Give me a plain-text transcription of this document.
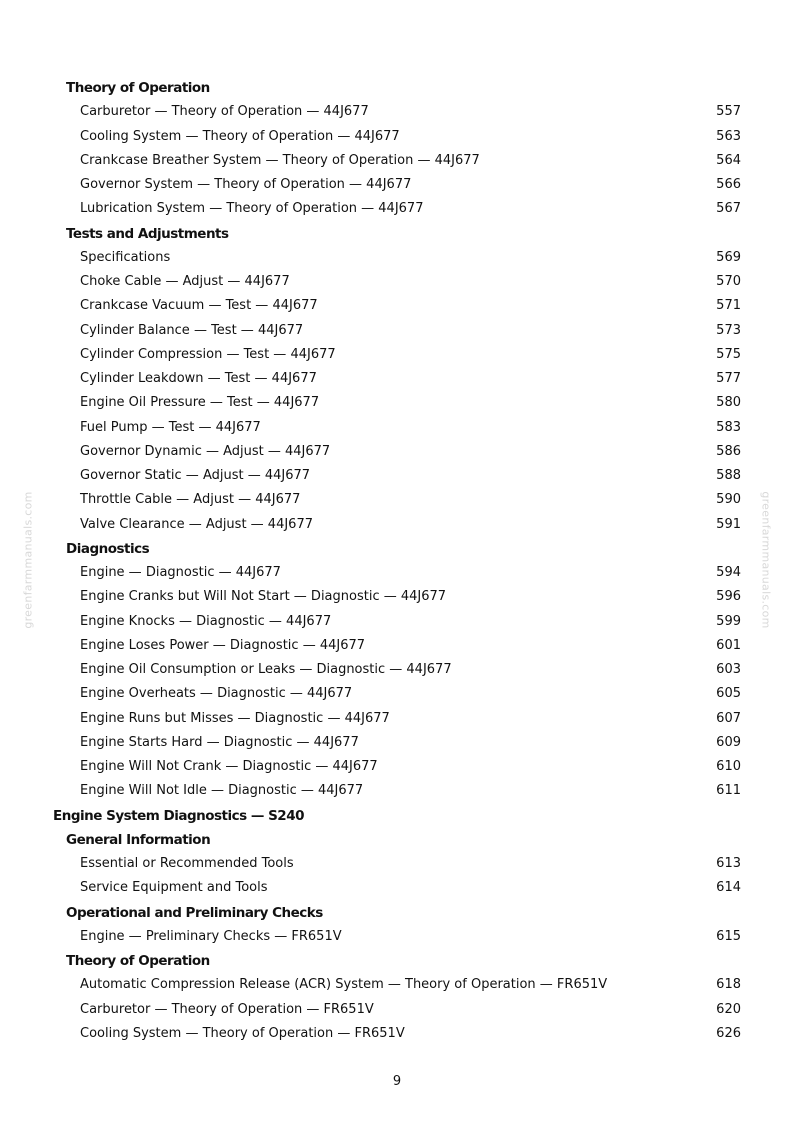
greenfarmmanuals.com	greenfarmmanuals.com
Theory of Operation
Carburetor — Theory of Operation — 44J677	557
Cooling System — Theory of Operation — 44J677	563
Crankcase Breather System — Theory of Operation — 44J677	564
Governor System — Theory of Operation — 44J677	566
Lubrication System — Theory of Operation — 44J677	567
Tests and Adjustments
Specifications	569
Choke Cable — Adjust — 44J677	570
Crankcase Vacuum — Test — 44J677	571
Cylinder Balance — Test — 44J677	573
Cylinder Compression — Test — 44J677	575
Cylinder Leakdown — Test — 44J677	577
Engine Oil Pressure — Test — 44J677	580
Fuel Pump — Test — 44J677	583
Governor Dynamic — Adjust — 44J677	586
Governor Static — Adjust — 44J677	588
Throttle Cable — Adjust — 44J677	590
Valve Clearance — Adjust — 44J677	591
Diagnostics
Engine — Diagnostic — 44J677	594
Engine Cranks but Will Not Start — Diagnostic — 44J677	596
Engine Knocks — Diagnostic — 44J677	599
Engine Loses Power — Diagnostic — 44J677	601
Engine Oil Consumption or Leaks — Diagnostic — 44J677	603
Engine Overheats — Diagnostic — 44J677	605
Engine Runs but Misses — Diagnostic — 44J677	607
Engine Starts Hard — Diagnostic — 44J677	609
Engine Will Not Crank — Diagnostic — 44J677	610
Engine Will Not Idle — Diagnostic — 44J677	611
Engine System Diagnostics — S240
General Information
Essential or Recommended Tools	613
Service Equipment and Tools	614
Operational and Preliminary Checks
Engine — Preliminary Checks — FR651V	615
Theory of Operation
Automatic Compression Release (ACR) System — Theory of Operation — FR651V	618
Carburetor — Theory of Operation — FR651V	620
Cooling System — Theory of Operation — FR651V	626
9
